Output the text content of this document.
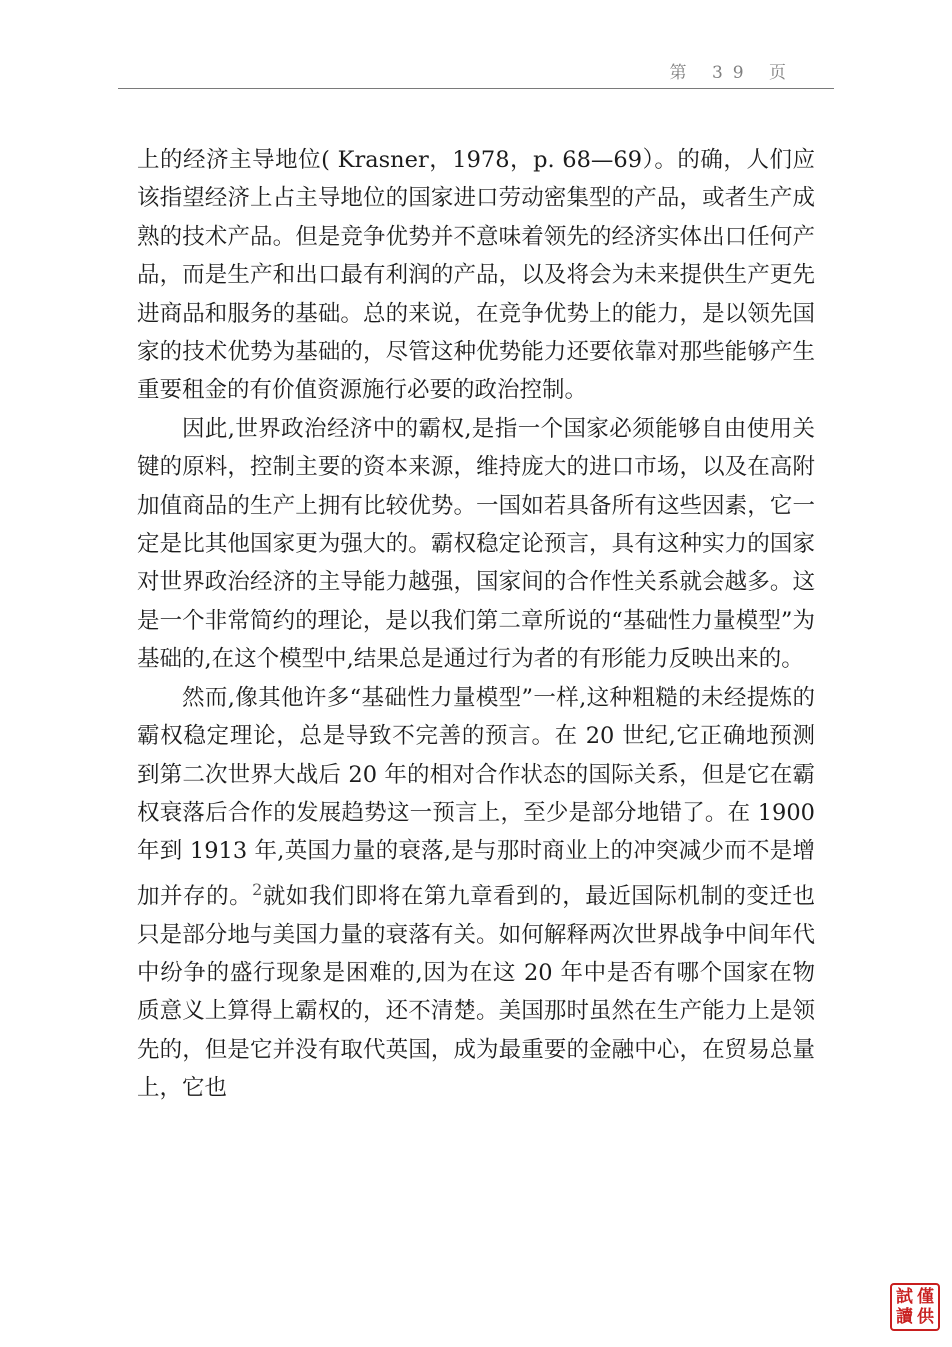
第 39 页

上的经济主导地位( Krasner，1978，p. 68—69）。的确，人们应该指望经济上占主导地位的国家进口劳动密集型的产品，或者生产成熟的技术产品。但是竞争优势并不意味着领先的经济实体出口任何产品，而是生产和出口最有利润的产品，以及将会为未来提供生产更先进商品和服务的基础。总的来说，在竞争优势上的能力，是以领先国家的技术优势为基础的，尽管这种优势能力还要依靠对那些能够产生重要租金的有价值资源施行必要的政治控制。

因此,世界政治经济中的霸权,是指一个国家必须能够自由使用关键的原料，控制主要的资本来源，维持庞大的进口市场，以及在高附加值商品的生产上拥有比较优势。一国如若具备所有这些因素，它一定是比其他国家更为强大的。霸权稳定论预言，具有这种实力的国家对世界政治经济的主导能力越强，国家间的合作性关系就会越多。这是一个非常简约的理论，是以我们第二章所说的“基础性力量模型”为基础的,在这个模型中,结果总是通过行为者的有形能力反映出来的。

然而,像其他许多“基础性力量模型”一样,这种粗糙的未经提炼的霸权稳定理论，总是导致不完善的预言。在 20 世纪,它正确地预测到第二次世界大战后 20 年的相对合作状态的国际关系，但是它在霸权衰落后合作的发展趋势这一预言上，至少是部分地错了。在 1900 年到 1913 年,英国力量的衰落,是与那时商业上的冲突减少而不是增加并存的。$^2$就如我们即将在第九章看到的，最近国际机制的变迁也只是部分地与美国力量的衰落有关。如何解释两次世界战争中间年代中纷争的盛行现象是困难的,因为在这 20 年中是否有哪个国家在物质意义上算得上霸权的，还不清楚。美国那时虽然在生产能力上是领先的，但是它并没有取代英国，成为最重要的金融中心，在贸易总量上，它也

試 僅
讀 供
